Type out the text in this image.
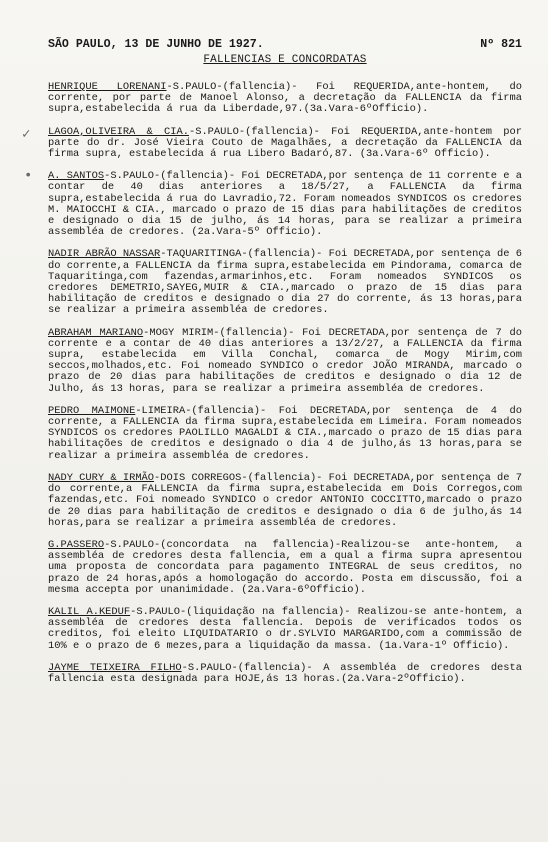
SÃO PAULO, 13 DE JUNHO DE 1927.	Nº 821
FALLENCIAS E CONCORDATAS
HENRIQUE LORENANI-S.PAULO-(fallencia)- Foi REQUERIDA,ante-hontem, do corrente, por parte de Manoel Alonso, a decretação da FALLENCIA da firma supra,estabelecida á rua da Liberdade,97.(3a.Vara-6ºOfficio).
LAGOA,OLIVEIRA & CIA.-S.PAULO-(fallencia)- Foi REQUERIDA,ante-hontem por parte do dr. José Vieira Couto de Magalhães, a decretação da FALLENCIA da firma supra, estabelecida á rua Libero Badaró,87. (3a.Vara-6º Officio).
A. SANTOS-S.PAULO-(fallencia)- Foi DECRETADA,por sentença de 11 corrente e a contar de 40 dias anteriores a 18/5/27, a FALLENCIA da firma supra,estabelecida á rua do Lavradio,72. Foram nomeados SYNDICOS os credores M. MAIOCCHI & CIA., marcado o prazo de 15 dias para habilitações de creditos e designado o dia 15 de julho, ás 14 horas, para se realizar a primeira assembléa de credores. (2a.Vara-5º Officio).
NADIR ABRÃO NASSAR-TAQUARITINGA-(fallencia)- Foi DECRETADA,por sentença de 6 do corrente,a FALLENCIA da firma supra,estabelecida em Pindorama, comarca de Taquaritinga,com fazendas,armarinhos,etc. Foram nomeados SYNDICOS os credores DEMETRIO,SAYEG,MUIR & CIA.,marcado o prazo de 15 dias para habilitação de creditos e designado o dia 27 do corrente, ás 13 horas,para se realizar a primeira assembléa de credores.
ABRAHAM MARIANO-MOGY MIRIM-(fallencia)- Foi DECRETADA,por sentença de 7 do corrente e a contar de 40 dias anteriores a 13/2/27, a FALLENCIA da firma supra, estabelecida em Villa Conchal, comarca de Mogy Mirim,com seccos,molhados,etc. Foi nomeado SYNDICO o credor JOÃO MIRANDA, marcado o prazo de 20 dias para habilitações de creditos e designado o dia 12 de Julho, ás 13 horas, para se realizar a primeira assembléa de credores.
PEDRO MAIMONE-LIMEIRA-(fallencia)- Foi DECRETADA,por sentença de 4 do corrente, a FALLENCIA da firma supra,estabelecida em Limeira. Foram nomeados SYNDICOS os credores PAOLILLO MAGALDI & CIA.,marcado o prazo de 15 dias para habilitações de creditos e designado o dia 4 de julho,ás 13 horas,para se realizar a primeira assembléa de credores.
NADY CURY & IRMÃO-DOIS CORREGOS-(fallencia)- Foi DECRETADA,por sentença de 7 do corrente,a FALLENCIA da firma supra,estabelecida em Dois Corregos,com fazendas,etc. Foi nomeado SYNDICO o credor ANTONIO COCCITTO,marcado o prazo de 20 dias para habilitação de creditos e designado o dia 6 de julho,ás 14 horas,para se realizar a primeira assembléa de credores.
G.PASSERO-S.PAULO-(concordata na fallencia)-Realizou-se ante-hontem, a assembléa de credores desta fallencia, em a qual a firma supra apresentou uma proposta de concordata para pagamento INTEGRAL de seus creditos, no prazo de 24 horas,após a homologação do accordo. Posta em discussão, foi a mesma accepta por unanimidade. (2a.Vara-6ºOfficio).
KALIL A.KEDUF-S.PAULO-(liquidação na fallencia)- Realizou-se ante-hontem, a assembléa de credores desta fallencia. Depois de verificados todos os creditos, foi eleito LIQUIDATARIO o dr.SYLVIO MARGARIDO,com a commissão de 10% e o prazo de 6 mezes,para a liquidação da massa. (1a.Vara-1º Officio).
JAYME TEIXEIRA FILHO-S.PAULO-(fallencia)- A assembléa de credores desta fallencia esta designada para HOJE,ás 13 horas.(2a.Vara-2ºOfficio).
✓
•
